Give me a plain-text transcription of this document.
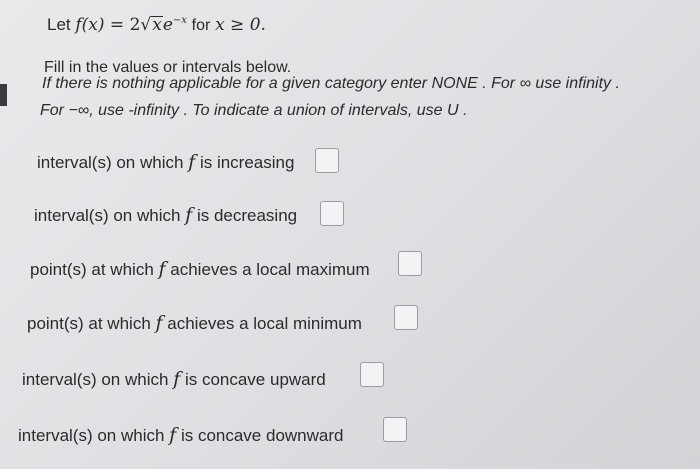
Let $f(x) = 2√xe^{-x}$ for x ≥ 0.
Fill in the values or intervals below.
If there is nothing applicable for a given category enter NONE . For ∞ use infinity .
For −∞, use -infinity . To indicate a union of intervals, use U .
interval(s) on which f is increasing
interval(s) on which f is decreasing
point(s) at which f achieves a local maximum
point(s) at which f achieves a local minimum
interval(s) on which f is concave upward
interval(s) on which f is concave downward
